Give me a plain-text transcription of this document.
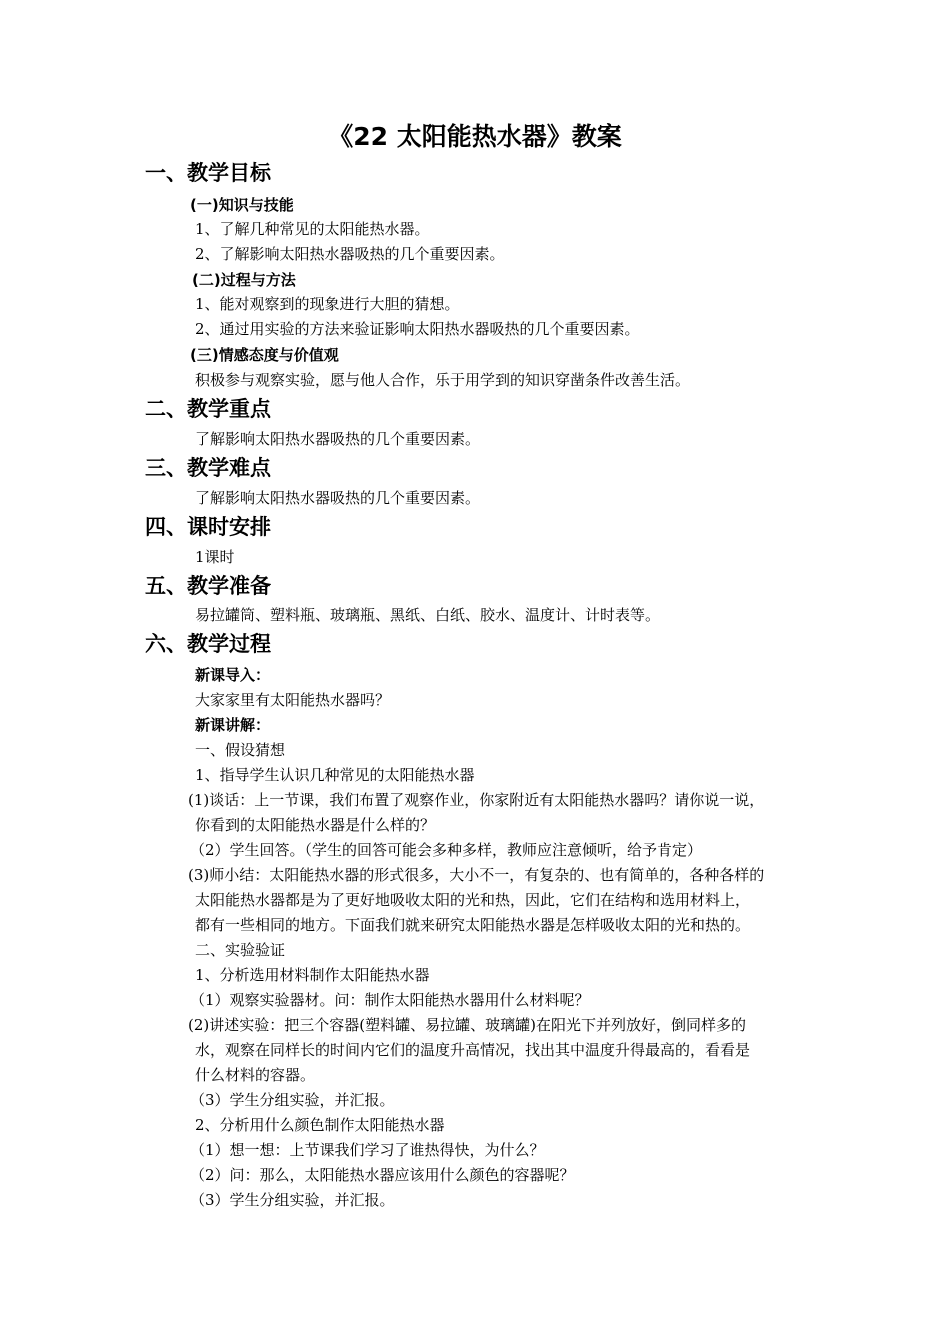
《22 太阳能热水器》教案
一、教学目标
(一)知识与技能
1、了解几种常见的太阳能热水器。
2、了解影响太阳热水器吸热的几个重要因素。
(二)过程与方法
1、能对观察到的现象进行大胆的猜想。
2、通过用实验的方法来验证影响太阳热水器吸热的几个重要因素。
(三)情感态度与价值观
积极参与观察实验，愿与他人合作，乐于用学到的知识穿凿条件改善生活。
二、教学重点
了解影响太阳热水器吸热的几个重要因素。
三、教学难点
了解影响太阳热水器吸热的几个重要因素。
四、课时安排
1课时
五、教学准备
易拉罐筒、塑料瓶、玻璃瓶、黑纸、白纸、胶水、温度计、计时表等。
六、教学过程
新课导入：
大家家里有太阳能热水器吗？
新课讲解：
一、假设猜想
1、指导学生认识几种常见的太阳能热水器
(1)谈话：上一节课，我们布置了观察作业，你家附近有太阳能热水器吗？请你说一说，
你看到的太阳能热水器是什么样的？
（2）学生回答。（学生的回答可能会多种多样，教师应注意倾听，给予肯定）
(3)师小结：太阳能热水器的形式很多，大小不一，有复杂的、也有简单的，各种各样的
太阳能热水器都是为了更好地吸收太阳的光和热，因此，它们在结构和选用材料上，
都有一些相同的地方。下面我们就来研究太阳能热水器是怎样吸收太阳的光和热的。
二、实验验证
1、分析选用材料制作太阳能热水器
（1）观察实验器材。问：制作太阳能热水器用什么材料呢？
(2)讲述实验：把三个容器(塑料罐、易拉罐、玻璃罐)在阳光下并列放好，倒同样多的
水，观察在同样长的时间内它们的温度升高情况，找出其中温度升得最高的，看看是
什么材料的容器。
（3）学生分组实验，并汇报。
2、分析用什么颜色制作太阳能热水器
（1）想一想：上节课我们学习了谁热得快，为什么？
（2）问：那么，太阳能热水器应该用什么颜色的容器呢？
（3）学生分组实验，并汇报。
